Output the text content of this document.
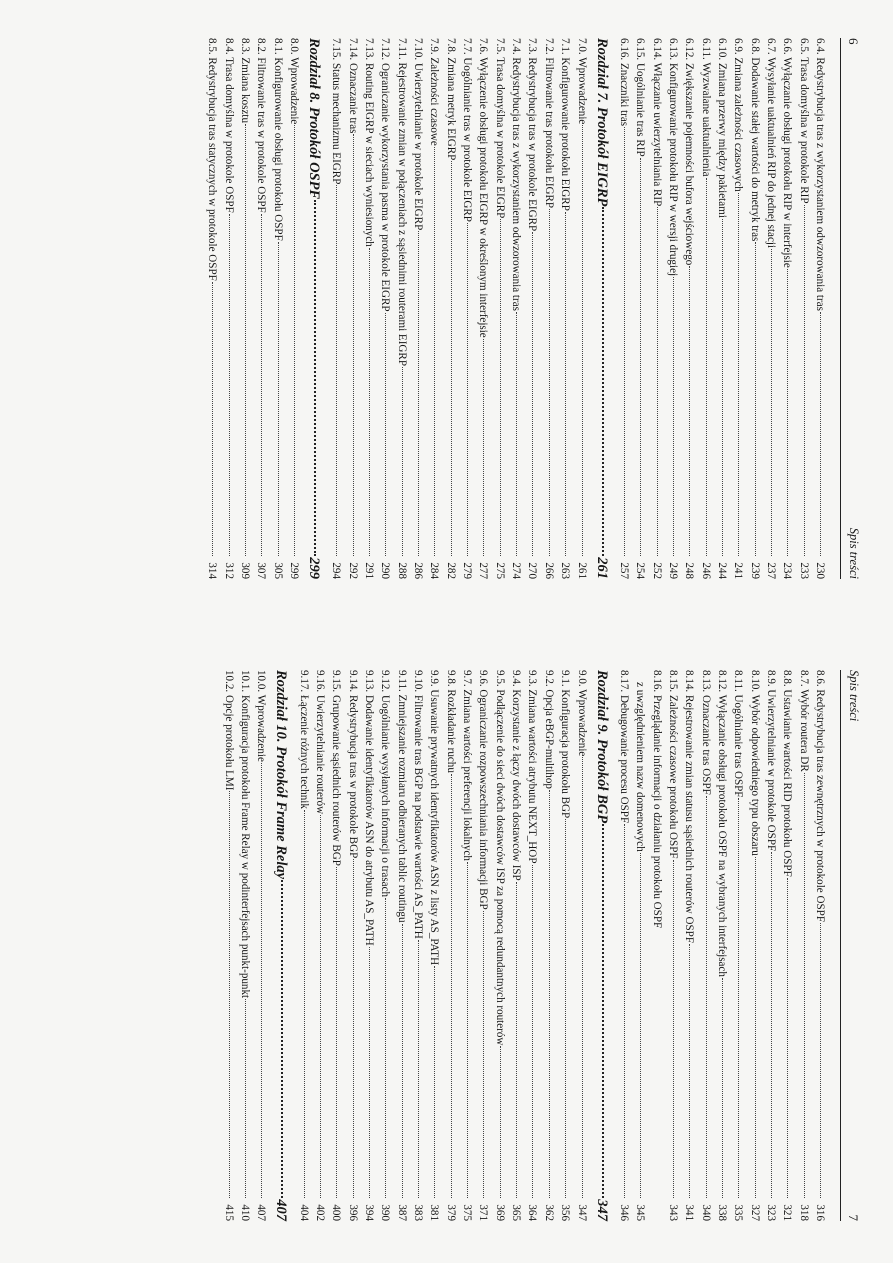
6
Spis treści
6.4. Redystrybucja tras z wykorzystaniem odwzorowania tras
230
6.5. Trasa domyślna w protokole RIP
233
6.6. Wyłączanie obsługi protokołu RIP w interfejsie
234
6.7. Wysyłanie uaktualnień RIP do jednej stacji
237
6.8. Dodawanie stałej wartości do metryk tras
239
6.9. Zmiana zależności czasowych
241
6.10. Zmiana przerwy między pakietami
244
6.11. Wyzwalane uaktualnienia
246
6.12. Zwiększanie pojemności bufora wejściowego
248
6.13. Konfigurowanie protokołu RIP w wersji drugiej
249
6.14. Włączanie uwierzytelniania RIP
252
6.15. Uogólnianie tras RIP
254
6.16. Znaczniki tras
257
Rozdział 7. Protokół EIGRP
261
7.0. Wprowadzenie
261
7.1. Konfigurowanie protokołu EIGRP
263
7.2. Filtrowanie tras protokołu EIGRP
266
7.3. Redystrybucja tras w protokole EIGRP
270
7.4. Redystrybucja tras z wykorzystaniem odwzorowania tras
274
7.5. Trasa domyślna w protokole EIGRP
275
7.6. Wyłączenie obsługi protokołu EIGRP w określonym interfejsie
277
7.7. Uogólnianie tras w protokole EIGRP
279
7.8. Zmiana metryk EIGRP
282
7.9. Zależności czasowe
284
7.10. Uwierzytelnianie w protokole EIGRP
286
7.11. Rejestrowanie zmian w połączeniach z sąsiednimi routerami EIGRP
288
7.12. Ograniczanie wykorzystania pasma w protokole EIGRP
290
7.13. Routing EIGRP w sieciach wyniesionych
291
7.14. Oznaczanie tras
292
7.15. Status mechanizmu EIGRP
294
Rozdział 8. Protokół OSPF
299
8.0. Wprowadzenie
299
8.1. Konfigurowanie obsługi protokołu OSPF
305
8.2. Filtrowanie tras w protokole OSPF
307
8.3. Zmiana kosztu
309
8.4. Trasa domyślna w protokole OSPF
312
8.5. Redystrybucja tras statycznych w protokole OSPF
314
Spis treści
7
8.6. Redystrybucja tras zewnętrznych w protokole OSPF
316
8.7. Wybór routera DR
318
8.8. Ustawianie wartości RID protokołu OSPF
321
8.9. Uwierzytelnianie w protokole OSPF
323
8.10. Wybór odpowiedniego typu obszaru
327
8.11. Uogólnianie tras OSPF
335
8.12. Wyłączanie obsługi protokołu OSPF na wybranych interfejsach
338
8.13. Oznaczanie tras OSPF
340
8.14. Rejestrowanie zmian statusu sąsiednich routerów OSPF
341
8.15. Zależności czasowe protokołu OSPF
343
8.16. Przeglądanie informacji o działaniu protokołu OSPF
z uwzględnieniem nazw domenowych
345
8.17. Debugowanie procesu OSPF
346
Rozdział 9. Protokół BGP
347
9.0. Wprowadzenie
347
9.1. Konfiguracja protokołu BGP
356
9.2. Opcja eBGP-multihop
362
9.3. Zmiana wartości atrybutu NEXT_HOP
364
9.4. Korzystanie z łączy dwóch dostawców ISP
365
9.5. Podłączenie do sieci dwóch dostawców ISP za pomocą redundantnych routerów
369
9.6. Ograniczanie rozpowszechniania informacji BGP
371
9.7. Zmiana wartości preferencji lokalnych
375
9.8. Rozkładanie ruchu
379
9.9. Usuwanie prywatnych identyfikatorów ASN z listy AS_PATH
381
9.10. Filtrowanie tras BGP na podstawie wartości AS_PATH
383
9.11. Zmniejszanie rozmiaru odbieranych tablic routingu
387
9.12. Uogólnianie wysyłanych informacji o trasach
390
9.13. Dodawanie identyfikatorów ASN do atrybutu AS_PATH
394
9.14. Redystrybucja tras w protokole BGP
396
9.15. Grupowanie sąsiednich routerów BGP
400
9.16. Uwierzytelnianie routerów
402
9.17. Łączenie różnych technik
404
Rozdział 10. Protokół Frame Relay
407
10.0. Wprowadzenie
407
10.1. Konfiguracja protokołu Frame Relay w podinterfejsach punkt-punkt
410
10.2. Opcje protokołu LMI
415
